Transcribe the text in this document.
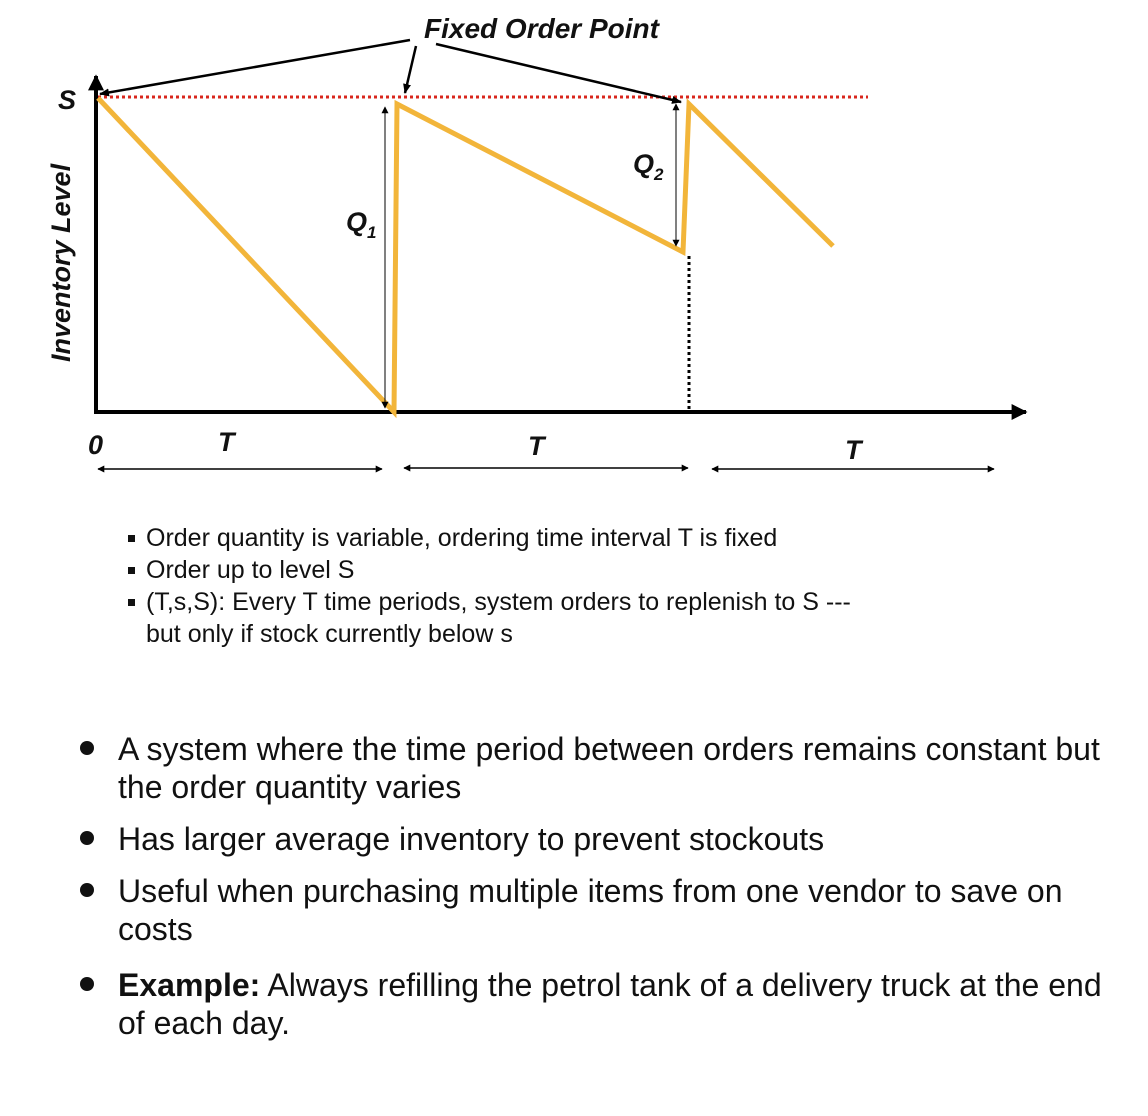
Fixed Order Point
S
Inventory Level
0
$Q_1$
$Q_2$
T	T	T
Order quantity is variable, ordering time interval T is fixed
Order up to level S
(T,s,S): Every T time periods, system orders to replenish to S ---
but only if stock currently below s
A system where the time period between orders remains constant but the order quantity varies
Has larger average inventory to prevent stockouts
Useful when purchasing multiple items from one vendor to save on costs
Example: Always refilling the petrol tank of a delivery truck at the end of each day.
